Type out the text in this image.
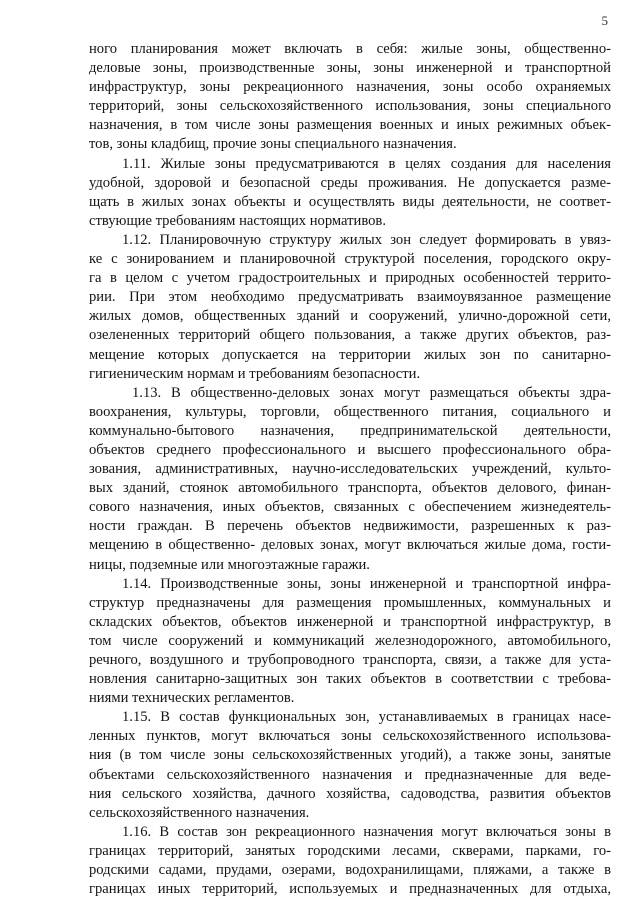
5
ного планирования может включать в себя: жилые зоны, общественно-
деловые зоны, производственные зоны, зоны инженерной и транспортной
инфраструктур, зоны рекреационного назначения, зоны особо охраняемых
территорий, зоны сельскохозяйственного использования, зоны специального
назначения, в том числе зоны размещения военных и иных режимных объек-
тов, зоны кладбищ, прочие зоны специального назначения.
1.11. Жилые зоны предусматриваются в целях создания для населения
удобной, здоровой и безопасной среды проживания. Не допускается разме-
щать в жилых зонах объекты и осуществлять виды деятельности, не соответ-
ствующие требованиям настоящих нормативов.
1.12. Планировочную структуру жилых зон следует формировать в увяз-
ке с зонированием и планировочной структурой поселения, городского окру-
га в целом с учетом градостроительных и природных особенностей террито-
рии. При этом необходимо предусматривать взаимоувязанное размещение
жилых домов, общественных зданий и сооружений, улично-дорожной сети,
озелененных территорий общего пользования, а также других объектов, раз-
мещение которых допускается на территории жилых зон по санитарно-
гигиеническим нормам и требованиям безопасности.
1.13. В общественно-деловых зонах могут размещаться объекты здра-
воохранения, культуры, торговли, общественного питания, социального и
коммунально-бытового назначения, предпринимательской деятельности,
объектов среднего профессионального и высшего профессионального обра-
зования, административных, научно-исследовательских учреждений, культо-
вых зданий, стоянок автомобильного транспорта, объектов делового, финан-
сового назначения, иных объектов, связанных с обеспечением жизнедеятель-
ности граждан. В перечень объектов недвижимости, разрешенных к раз-
мещению в общественно- деловых зонах, могут включаться жилые дома, гости-
ницы, подземные или многоэтажные гаражи.
1.14. Производственные зоны, зоны инженерной и транспортной инфра-
структур предназначены для размещения промышленных, коммунальных и
складских объектов, объектов инженерной и транспортной инфраструктур, в
том числе сооружений и коммуникаций железнодорожного, автомобильного,
речного, воздушного и трубопроводного транспорта, связи, а также для уста-
новления санитарно-защитных зон таких объектов в соответствии с требова-
ниями технических регламентов.
1.15. В состав функциональных зон, устанавливаемых в границах насе-
ленных пунктов, могут включаться зоны сельскохозяйственного использова-
ния (в том числе зоны сельскохозяйственных угодий), а также зоны, занятые
объектами сельскохозяйственного назначения и предназначенные для веде-
ния сельского хозяйства, дачного хозяйства, садоводства, развития объектов
сельскохозяйственного назначения.
1.16. В состав зон рекреационного назначения могут включаться зоны в
границах территорий, занятых городскими лесами, скверами, парками, го-
родскими садами, прудами, озерами, водохранилищами, пляжами, а также в
границах иных территорий, используемых и предназначенных для отдыха,
